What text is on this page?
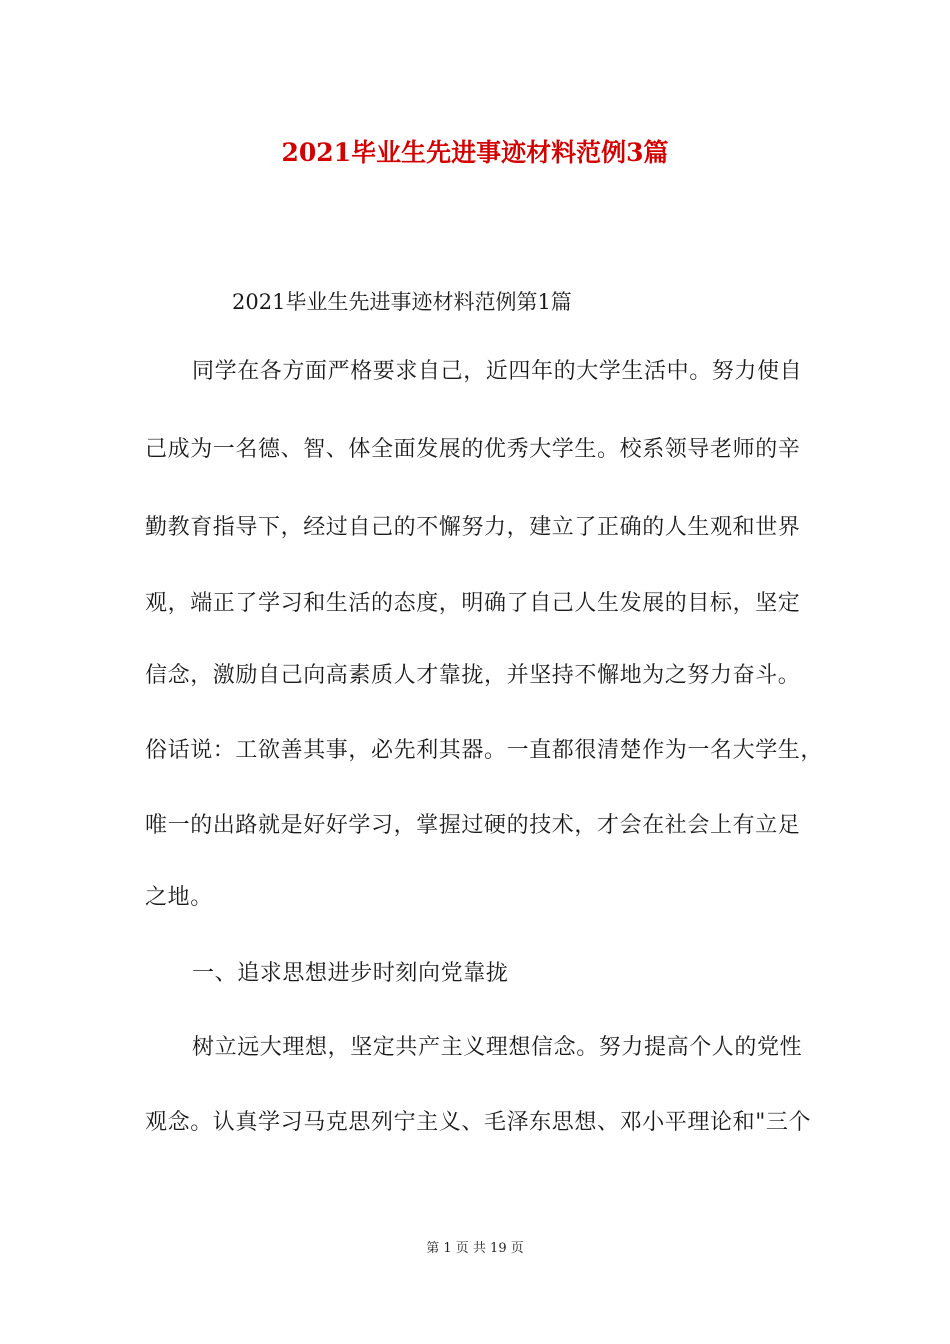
2021毕业生先进事迹材料范例3篇

2021毕业生先进事迹材料范例第1篇

同学在各方面严格要求自己，近四年的大学生活中。努力使自

己成为一名德、智、体全面发展的优秀大学生。校系领导老师的辛

勤教育指导下，经过自己的不懈努力，建立了正确的人生观和世界

观，端正了学习和生活的态度，明确了自己人生发展的目标，坚定

信念，激励自己向高素质人才靠拢，并坚持不懈地为之努力奋斗。

俗话说：工欲善其事，必先利其器。一直都很清楚作为一名大学生，

唯一的出路就是好好学习，掌握过硬的技术，才会在社会上有立足

之地。

一、追求思想进步时刻向党靠拢

树立远大理想，坚定共产主义理想信念。努力提高个人的党性

观念。认真学习马克思列宁主义、毛泽东思想、邓小平理论和"三个

第 1 页 共 19 页
